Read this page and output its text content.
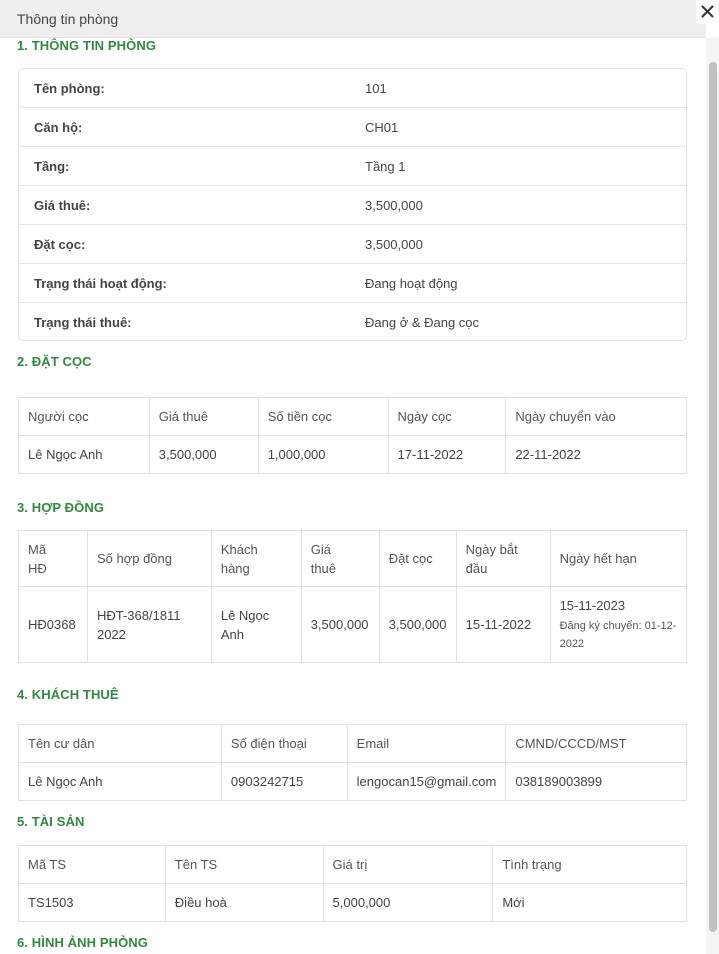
Thông tin phòng
1. THÔNG TIN PHÒNG
Tên phòng:	101
Căn hộ:	CH01
Tầng:	Tầng 1
Giá thuê:	3,500,000
Đặt cọc:	3,500,000
Trạng thái hoạt động:	Đang hoạt động
Trạng thái thuê:	Đang ở & Đang cọc
2. ĐẶT CỌC
Người cọc	Giá thuê	Số tiền cọc	Ngày cọc	Ngày chuyển vào
Lê Ngọc Anh	3,500,000	1,000,000	17-11-2022	22-11-2022
3. HỢP ĐỒNG
Mã HĐ	Số hợp đồng	Khách hàng	Giá thuê	Đặt cọc	Ngày bắt đầu	Ngày hết hạn
HĐ0368	HĐT-368/18112022	Lê Ngọc Anh	3,500,000	3,500,000	15-11-2022	15-11-2023
Đăng ký chuyển: 01-12-2022
4. KHÁCH THUÊ
Tên cư dân	Số điện thoại	Email	CMND/CCCD/MST
Lê Ngọc Anh	0903242715	lengocan15@gmail.com	038189003899
5. TÀI SẢN
Mã TS	Tên TS	Giá trị	Tình trạng
TS1503	Điều hoà	5,000,000	Mới
6. HÌNH ẢNH PHÒNG
